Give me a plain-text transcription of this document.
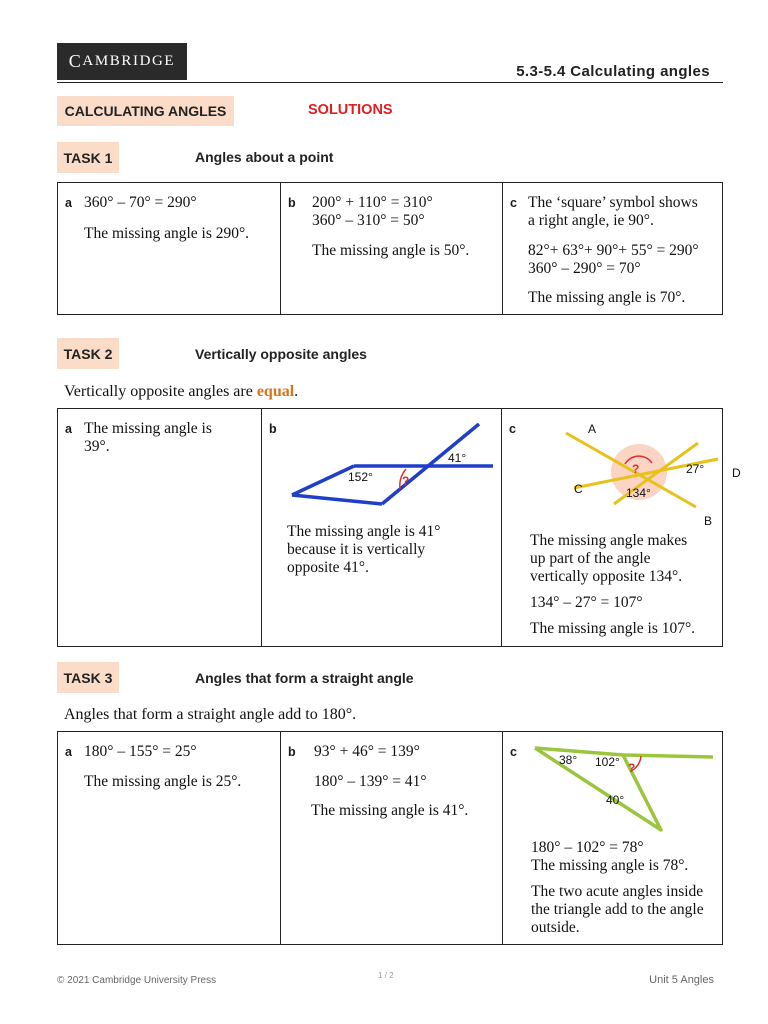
C AMBRIDGE
5.3-5.4 Calculating angles
CALCULATING ANGLES	SOLUTIONS
TASK 1	Angles about a point
a 360° – 70° = 290°
The missing angle is 290°.
b 200° + 110° = 310°
360° – 310° = 50°
The missing angle is 50°.
c The ‘square’ symbol shows
a right angle, ie 90°.
82°+ 63°+ 90°+ 55° = 290°
360° – 290° = 70°
The missing angle is 70°.
TASK 2	Vertically opposite angles
Vertically opposite angles are equal.
a The missing angle is
39°.
b
152° ?
41°
The missing angle is 41°
because it is vertically
opposite 41°.
c	A
C
B
D
?	27°
134°
The missing angle makes
up part of the angle
vertically opposite 134°.
134° – 27° = 107°
The missing angle is 107°.
TASK 3	Angles that form a straight angle
Angles that form a straight angle add to 180°.
a 180° – 155° = 25°
The missing angle is 25°.
b 93° + 46° = 139°
180° – 139° = 41°
The missing angle is 41°.
c
38° 102° ?
40°
180° – 102° = 78°
The missing angle is 78°.
The two acute angles inside
the triangle add to the angle
outside.
© 2021 Cambridge University Press	1 / 2	Unit 5 Angles
